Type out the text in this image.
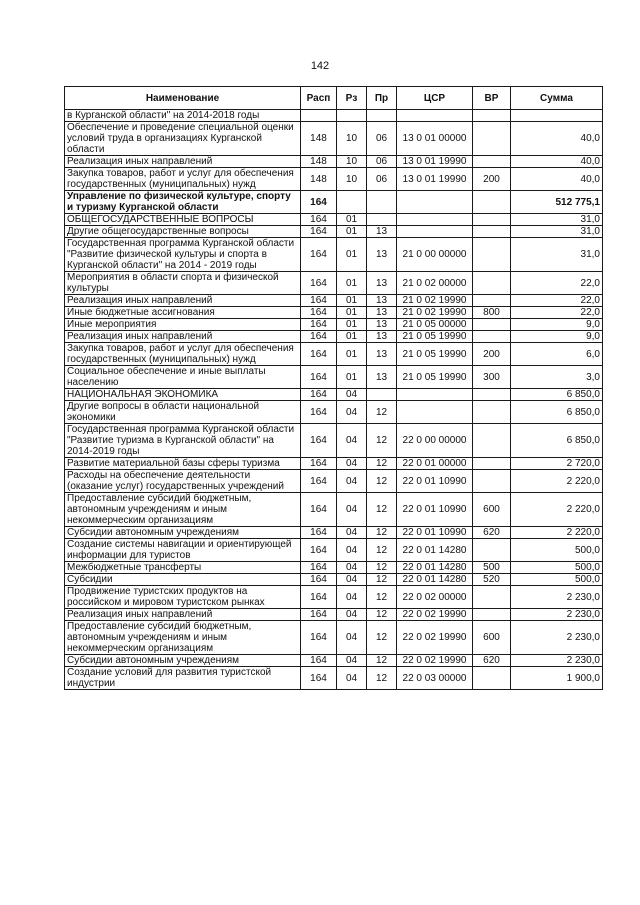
142
Наименование	Расп	Рз	Пр	ЦСР	ВР	Сумма
в Курганской области" на 2014-2018 годы						
Обеспечение и проведение специальной оценки условий труда в организациях Курганской области	148	10	06	13 0 01 00000		40,0
Реализация иных направлений	148	10	06	13 0 01 19990		40,0
Закупка товаров, работ и услуг для обеспечения государственных (муниципальных) нужд	148	10	06	13 0 01 19990	200	40,0
Управление по физической культуре, спорту и туризму Курганской области	164					512 775,1
ОБЩЕГОСУДАРСТВЕННЫЕ ВОПРОСЫ	164	01				31,0
Другие общегосударственные вопросы	164	01	13			31,0
Государственная программа Курганской области "Развитие физической культуры и спорта в Курганской области" на 2014 - 2019 годы	164	01	13	21 0 00 00000		31,0
Мероприятия в области спорта и физической культуры	164	01	13	21 0 02 00000		22,0
Реализация иных направлений	164	01	13	21 0 02 19990		22,0
Иные бюджетные ассигнования	164	01	13	21 0 02 19990	800	22,0
Иные мероприятия	164	01	13	21 0 05 00000		9,0
Реализация иных направлений	164	01	13	21 0 05 19990		9,0
Закупка товаров, работ и услуг для обеспечения государственных (муниципальных) нужд	164	01	13	21 0 05 19990	200	6,0
Социальное обеспечение и иные выплаты населению	164	01	13	21 0 05 19990	300	3,0
НАЦИОНАЛЬНАЯ ЭКОНОМИКА	164	04				6 850,0
Другие вопросы в области национальной экономики	164	04	12			6 850,0
Государственная программа Курганской области "Развитие туризма в Курганской области" на 2014-2019 годы	164	04	12	22 0 00 00000		6 850,0
Развитие материальной базы сферы туризма	164	04	12	22 0 01 00000		2 720,0
Расходы на обеспечение деятельности (оказание услуг) государственных учреждений	164	04	12	22 0 01 10990		2 220,0
Предоставление субсидий бюджетным, автономным учреждениям и иным некоммерческим организациям	164	04	12	22 0 01 10990	600	2 220,0
Субсидии автономным учреждениям	164	04	12	22 0 01 10990	620	2 220,0
Создание системы навигации и ориентирующей информации для туристов	164	04	12	22 0 01 14280		500,0
Межбюджетные трансферты	164	04	12	22 0 01 14280	500	500,0
Субсидии	164	04	12	22 0 01 14280	520	500,0
Продвижение туристских продуктов на российском и мировом туристском рынках	164	04	12	22 0 02 00000		2 230,0
Реализация иных направлений	164	04	12	22 0 02 19990		2 230,0
Предоставление субсидий бюджетным, автономным учреждениям и иным некоммерческим организациям	164	04	12	22 0 02 19990	600	2 230,0
Субсидии автономным учреждениям	164	04	12	22 0 02 19990	620	2 230,0
Создание условий для развития туристской индустрии	164	04	12	22 0 03 00000		1 900,0
